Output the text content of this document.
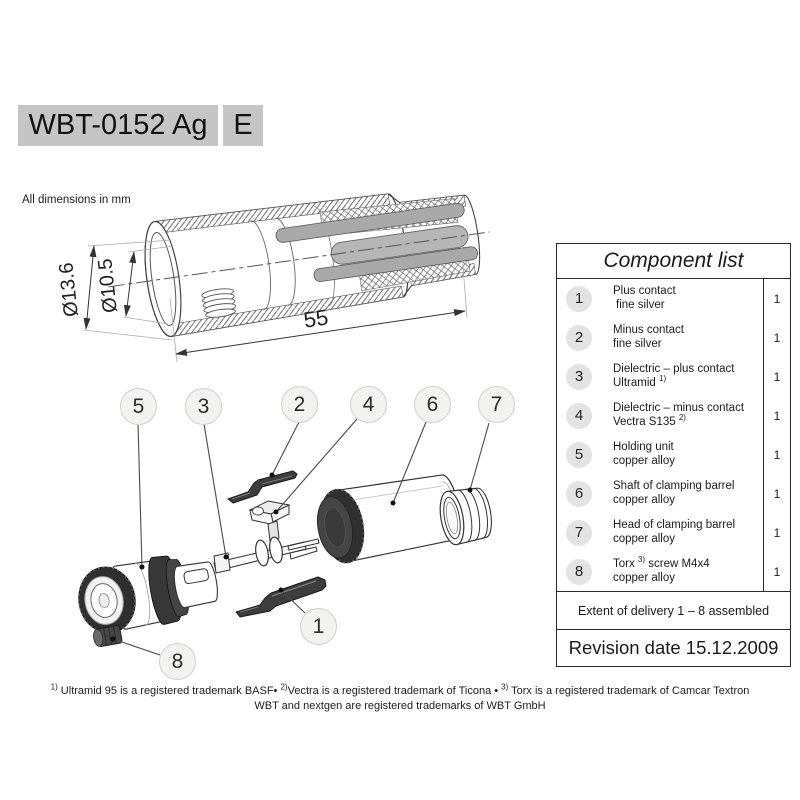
WBT-0152 Ag E
All dimensions in mm
Ø13.6 Ø10.5
55
5	3	2	4 6 7
1
8
Component list
1	Plus contact
fine silver	1
2	Minus contact
fine silver	1
3	Dielectric – plus contact
Ultramid $^{1)}$	1
4	Dielectric – minus contact
Vectra S135 $^{2)}$	1
5	Holding unit
copper alloy	1
6	Shaft of clamping barrel
copper alloy	1
7	Head of clamping barrel
copper alloy	1
8	Torx $^{3)}$ screw M4x4
copper alloy	1
Extent of delivery 1 – 8 assembled
Revision date 15.12.2009
$^{1)}$ Ultramid 95 is a registered trademark BASF• $^{2)}$Vectra is a registered trademark of Ticona • $^{3)}$ Torx is a registered trademark of Camcar Textron
WBT and nextgen are registered trademarks of WBT GmbH
